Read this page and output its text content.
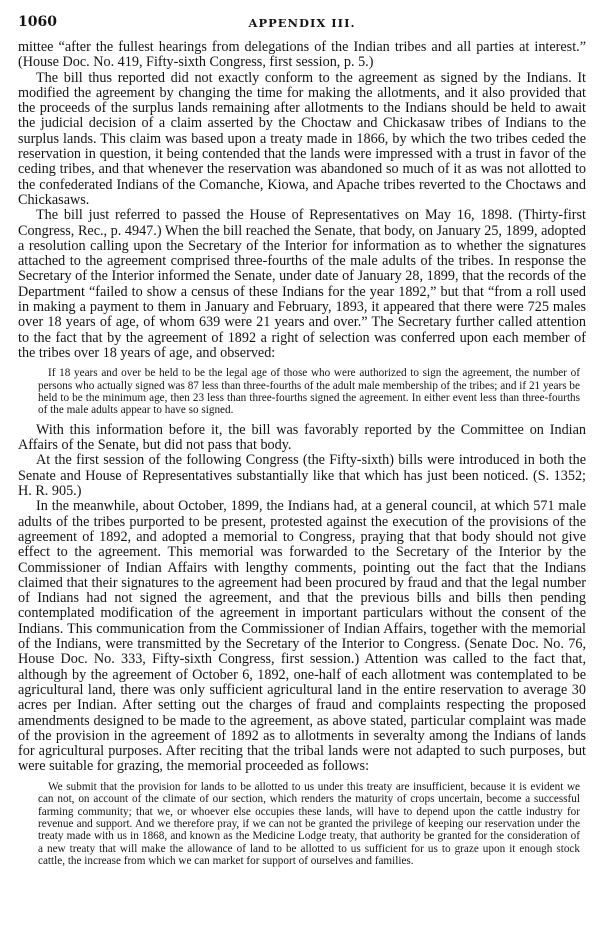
1060	APPENDIX III.

mittee “after the fullest hearings from delegations of the Indian tribes and all parties at interest.” (House Doc. No. 419, Fifty-sixth Congress, first session, p. 5.)

The bill thus reported did not exactly conform to the agreement as signed by the Indians. It modified the agreement by changing the time for making the allotments, and it also provided that the proceeds of the surplus lands remaining after allotments to the Indians should be held to await the judicial decision of a claim asserted by the Choctaw and Chickasaw tribes of Indians to the surplus lands. This claim was based upon a treaty made in 1866, by which the two tribes ceded the reservation in question, it being contended that the lands were impressed with a trust in favor of the ceding tribes, and that whenever the reservation was abandoned so much of it as was not allotted to the confederated Indians of the Comanche, Kiowa, and Apache tribes reverted to the Choctaws and Chickasaws.

The bill just referred to passed the House of Representatives on May 16, 1898. (Thirty-first Congress, Rec., p. 4947.) When the bill reached the Senate, that body, on January 25, 1899, adopted a resolution calling upon the Secretary of the Interior for information as to whether the signatures attached to the agreement comprised three-fourths of the male adults of the tribes. In response the Secretary of the Interior informed the Senate, under date of January 28, 1899, that the records of the Department “failed to show a census of these Indians for the year 1892,” but that “from a roll used in making a payment to them in January and February, 1893, it appeared that there were 725 males over 18 years of age, of whom 639 were 21 years and over.” The Secretary further called attention to the fact that by the agreement of 1892 a right of selection was conferred upon each member of the tribes over 18 years of age, and observed:

If 18 years and over be held to be the legal age of those who were authorized to sign the agreement, the number of persons who actually signed was 87 less than three-fourths of the adult male membership of the tribes; and if 21 years be held to be the minimum age, then 23 less than three-fourths signed the agreement. In either event less than three-fourths of the male adults appear to have so signed.

With this information before it, the bill was favorably reported by the Committee on Indian Affairs of the Senate, but did not pass that body.

At the first session of the following Congress (the Fifty-sixth) bills were introduced in both the Senate and House of Representatives substantially like that which has just been noticed. (S. 1352; H. R. 905.)

In the meanwhile, about October, 1899, the Indians had, at a general council, at which 571 male adults of the tribes purported to be present, protested against the execution of the provisions of the agreement of 1892, and adopted a memorial to Congress, praying that that body should not give effect to the agreement. This memorial was forwarded to the Secretary of the Interior by the Commissioner of Indian Affairs with lengthy comments, pointing out the fact that the Indians claimed that their signatures to the agreement had been procured by fraud and that the legal number of Indians had not signed the agreement, and that the previous bills and bills then pending contemplated modification of the agreement in important particulars without the consent of the Indians. This communication from the Commissioner of Indian Affairs, together with the memorial of the Indians, were transmitted by the Secretary of the Interior to Congress. (Senate Doc. No. 76, House Doc. No. 333, Fifty-sixth Congress, first session.) Attention was called to the fact that, although by the agreement of October 6, 1892, one-half of each allotment was contemplated to be agricultural land, there was only sufficient agricultural land in the entire reservation to average 30 acres per Indian. After setting out the charges of fraud and complaints respecting the proposed amendments designed to be made to the agreement, as above stated, particular complaint was made of the provision in the agreement of 1892 as to allotments in severalty among the Indians of lands for agricultural purposes. After reciting that the tribal lands were not adapted to such purposes, but were suitable for grazing, the memorial proceeded as follows:

We submit that the provision for lands to be allotted to us under this treaty are insufficient, because it is evident we can not, on account of the climate of our section, which renders the maturity of crops uncertain, become a successful farming community; that we, or whoever else occupies these lands, will have to depend upon the cattle industry for revenue and support. And we therefore pray, if we can not be granted the privilege of keeping our reservation under the treaty made with us in 1868, and known as the Medicine Lodge treaty, that authority be granted for the consideration of a new treaty that will make the allowance of land to be allotted to us sufficient for us to graze upon it enough stock cattle, the increase from which we can market for support of ourselves and families.
